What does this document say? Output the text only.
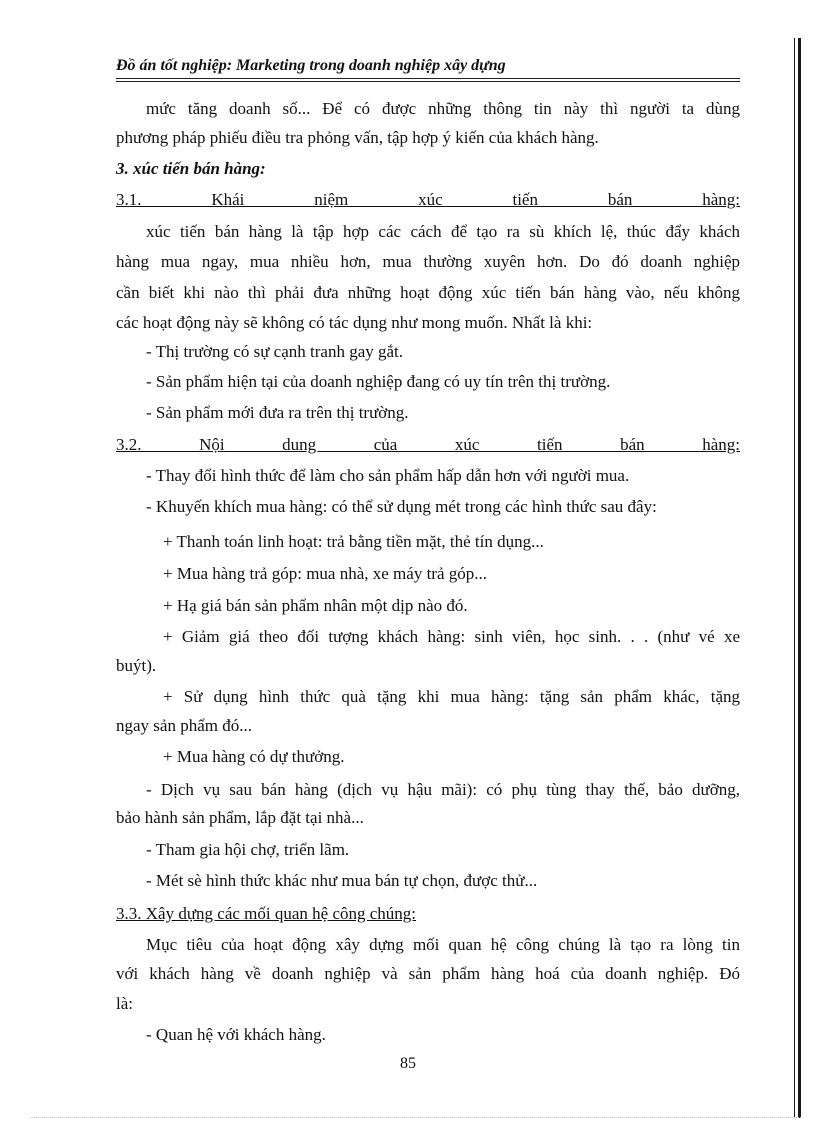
Đồ án tốt nghiệp: Marketing trong doanh nghiệp xây dựng
mức tăng doanh số... Để có được những thông tin này thì người ta dùng
phương pháp phiếu điều tra phỏng vấn, tập hợp ý kiến của khách hàng.
3. xúc tiến bán hàng:
3.1. Khái niệm xúc tiến bán hàng:
xúc tiến bán hàng là tập hợp các cách để tạo ra sù khích lệ, thúc đẩy khách
hàng mua ngay, mua nhiều hơn, mua thường xuyên hơn. Do đó doanh nghiệp
cần biết khi nào thì phải đưa những hoạt động xúc tiến bán hàng vào, nếu không
các hoạt động này sẽ không có tác dụng như mong muốn. Nhất là khi:
- Thị trường có sự cạnh tranh gay gắt.
- Sản phẩm hiện tại của doanh nghiệp đang có uy tín trên thị trường.
- Sản phẩm mới đưa ra trên thị trường.
3.2. Nội dung của xúc tiến bán hàng:
- Thay đổi hình thức để làm cho sản phẩm hấp dẫn hơn với người mua.
- Khuyến khích mua hàng: có thể sử dụng mét trong các hình thức sau đây:
+ Thanh toán linh hoạt: trả bằng tiền mặt, thẻ tín dụng...
+ Mua hàng trả góp: mua nhà, xe máy trả góp...
+ Hạ giá bán sản phẩm nhân một dịp nào đó.
+ Giảm giá theo đối tượng khách hàng: sinh viên, học sinh. . . (như vé xe
buýt).
+ Sử dụng hình thức quà tặng khi mua hàng: tặng sản phẩm khác, tặng
ngay sản phẩm đó...
+ Mua hàng có dự thưởng.
- Dịch vụ sau bán hàng (dịch vụ hậu mãi): có phụ tùng thay thế, bảo dưỡng,
bảo hành sản phẩm, lắp đặt tại nhà...
- Tham gia hội chợ, triển lãm.
- Mét sè hình thức khác như mua bán tự chọn, được thử...
3.3. Xây dựng các mối quan hệ công chúng:
Mục tiêu của hoạt động xây dựng mối quan hệ công chúng là tạo ra lòng tin
với khách hàng về doanh nghiệp và sản phẩm hàng hoá của doanh nghiệp. Đó
là:
- Quan hệ với khách hàng.
85
